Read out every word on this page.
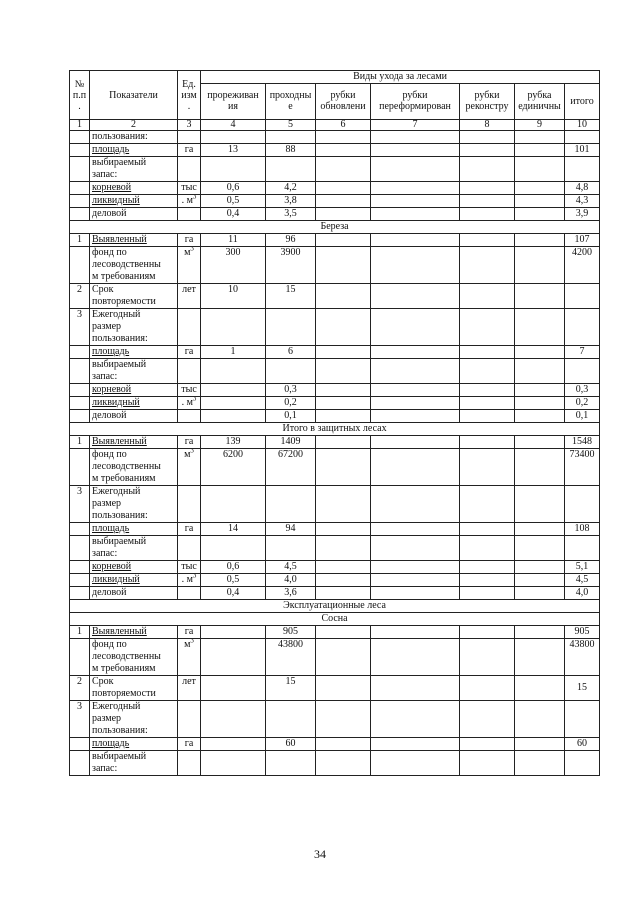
№ п.п .	Показатели	Ед. изм .	Виды ухода за лесами						
			прореживан ия	проходны е	рубки обновлени	рубки переформирован	рубки реконстру	рубка единичны	итого
1	2	3	4	5	6	7	8	9	10
	пользования:								
	площадь	га	13	88					101
	выбираемый
запас:								
	корневой	тыс	0,6	4,2					4,8
	ликвидный	. $м^3$	0,5	3,8					4,3
	деловой		0,4	3,5					3,9
Береза									
1	Выявленный	га	11	96					107
	фонд по
лесоводственны
м требованиям	$м^3$	300	3900					4200
2	Срок
повторяемости	лет	10	15					
3	Ежегодный
размер
пользования:								
	площадь	га	1	6					7
	выбираемый
запас:								
	корневой	тыс		0,3					0,3
	ликвидный	. $м^3$		0,2					0,2
	деловой			0,1					0,1
Итого в защитных лесах									
1	Выявленный	га	139	1409					1548
	фонд по
лесоводственны
м требованиям	$м^3$	6200	67200					73400
3	Ежегодный
размер
пользования:								
	площадь	га	14	94					108
	выбираемый
запас:								
	корневой	тыс	0,6	4,5					5,1
	ликвидный	. $м^3$	0,5	4,0					4,5
	деловой		0,4	3,6					4,0
Эксплуатационные леса									
Сосна									
1	Выявленный	га		905					905
	фонд по
лесоводственны
м требованиям	$м^3$		43800					43800
2	Срок
повторяемости	лет		15					15
3	Ежегодный
размер
пользования:								
	площадь	га		60					60
	выбираемый
запас:								
34
